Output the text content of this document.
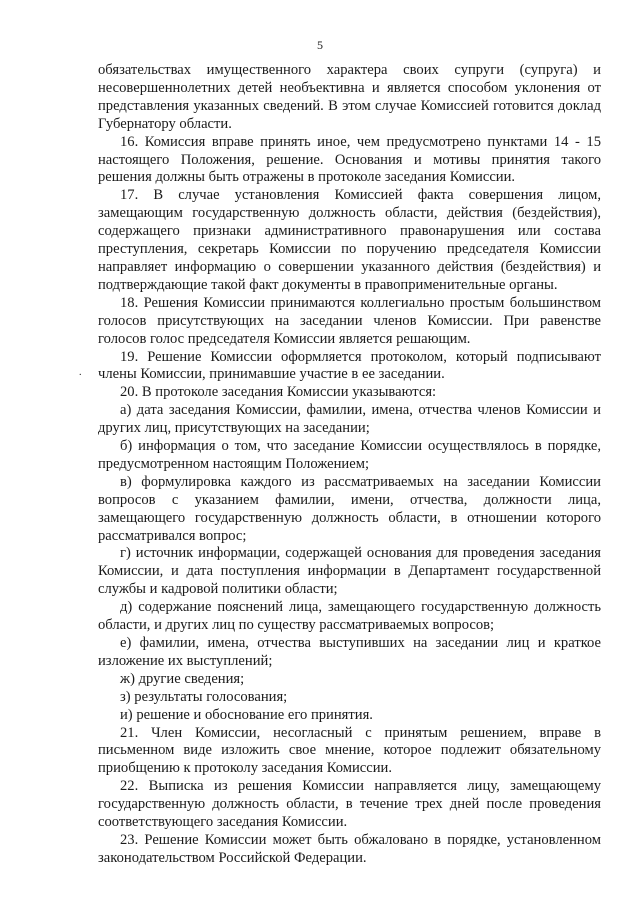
5
.

обязательствах имущественного характера своих супруги (супруга) и несовершеннолетних детей необъективна и является способом уклонения от представления указанных сведений. В этом случае Комиссией готовится доклад Губернатору области.

16. Комиссия вправе принять иное, чем предусмотрено пунктами 14 - 15 настоящего Положения, решение. Основания и мотивы принятия такого решения должны быть отражены в протоколе заседания Комиссии.

17. В случае установления Комиссией факта совершения лицом, замещающим государственную должность области, действия (бездействия), содержащего признаки административного правонарушения или состава преступления, секретарь Комиссии по поручению председателя Комиссии направляет информацию о совершении указанного действия (бездействия) и подтверждающие такой факт документы в правоприменительные органы.

18. Решения Комиссии принимаются коллегиально простым большинством голосов присутствующих на заседании членов Комиссии. При равенстве голосов голос председателя Комиссии является решающим.

19. Решение Комиссии оформляется протоколом, который подписывают члены Комиссии, принимавшие участие в ее заседании.

20. В протоколе заседания Комиссии указываются:

а) дата заседания Комиссии, фамилии, имена, отчества членов Комиссии и других лиц, присутствующих на заседании;

б) информация о том, что заседание Комиссии осуществлялось в порядке, предусмотренном настоящим Положением;

в) формулировка каждого из рассматриваемых на заседании Комиссии вопросов с указанием фамилии, имени, отчества, должности лица, замещающего государственную должность области, в отношении которого рассматривался вопрос;

г) источник информации, содержащей основания для проведения заседания Комиссии, и дата поступления информации в Департамент государственной службы и кадровой политики области;

д) содержание пояснений лица, замещающего государственную должность области, и других лиц по существу рассматриваемых вопросов;

е) фамилии, имена, отчества выступивших на заседании лиц и краткое изложение их выступлений;

ж) другие сведения;

з) результаты голосования;

и) решение и обоснование его принятия.

21. Член Комиссии, несогласный с принятым решением, вправе в письменном виде изложить свое мнение, которое подлежит обязательному приобщению к протоколу заседания Комиссии.

22. Выписка из решения Комиссии направляется лицу, замещающему государственную должность области, в течение трех дней после проведения соответствующего заседания Комиссии.

23. Решение Комиссии может быть обжаловано в порядке, установленном законодательством Российской Федерации.
